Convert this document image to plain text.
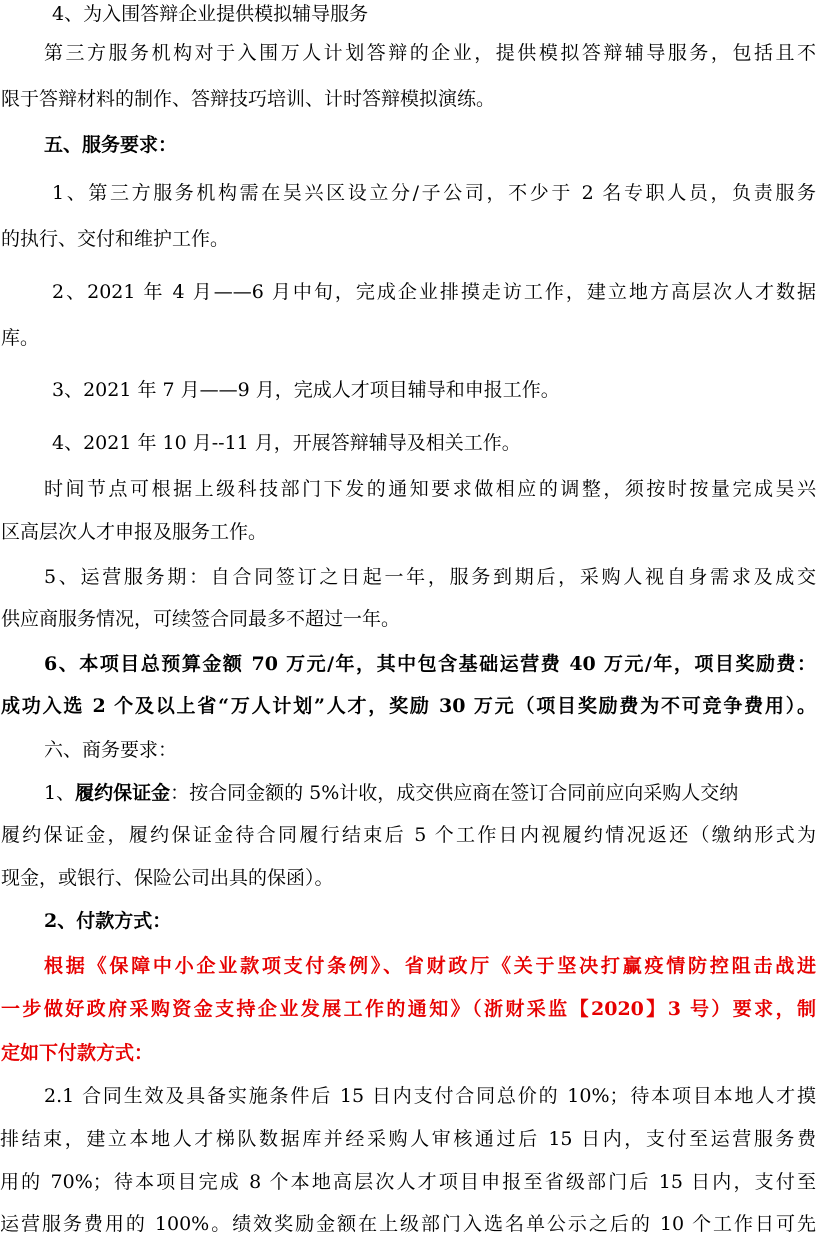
4、为入围答辩企业提供模拟辅导服务
第三方服务机构对于入围万人计划答辩的企业，提供模拟答辩辅导服务，包括且不
限于答辩材料的制作、答辩技巧培训、计时答辩模拟演练。
五、服务要求：
1、第三方服务机构需在吴兴区设立分/子公司，不少于 2 名专职人员，负责服务
的执行、交付和维护工作。
2、2021 年 4 月——6 月中旬，完成企业排摸走访工作，建立地方高层次人才数据
库。
3、2021 年 7 月——9 月，完成人才项目辅导和申报工作。
4、2021 年 10 月--11 月，开展答辩辅导及相关工作。
时间节点可根据上级科技部门下发的通知要求做相应的调整，须按时按量完成吴兴
区高层次人才申报及服务工作。
5、运营服务期：自合同签订之日起一年，服务到期后，采购人视自身需求及成交
供应商服务情况，可续签合同最多不超过一年。
6、本项目总预算金额 70 万元/年，其中包含基础运营费 40 万元/年，项目奖励费：
成功入选 2 个及以上省“万人计划”人才，奖励 30 万元（项目奖励费为不可竞争费用）。
六、商务要求：
1、履约保证金：按合同金额的 5%计收，成交供应商在签订合同前应向采购人交纳
履约保证金，履约保证金待合同履行结束后 5 个工作日内视履约情况返还（缴纳形式为
现金，或银行、保险公司出具的保函）。
2、付款方式：
根据《保障中小企业款项支付条例》、省财政厅《关于坚决打赢疫情防控阻击战进
一步做好政府采购资金支持企业发展工作的通知》（浙财采监【2020】3 号）要求，制
定如下付款方式：
2.1 合同生效及具备实施条件后 15 日内支付合同总价的 10%；待本项目本地人才摸
排结束，建立本地人才梯队数据库并经采购人审核通过后 15 日内，支付至运营服务费
用的 70%；待本项目完成 8 个本地高层次人才项目申报至省级部门后 15 日内，支付至
运营服务费用的 100%。绩效奖励金额在上级部门入选名单公示之后的 10 个工作日可先
